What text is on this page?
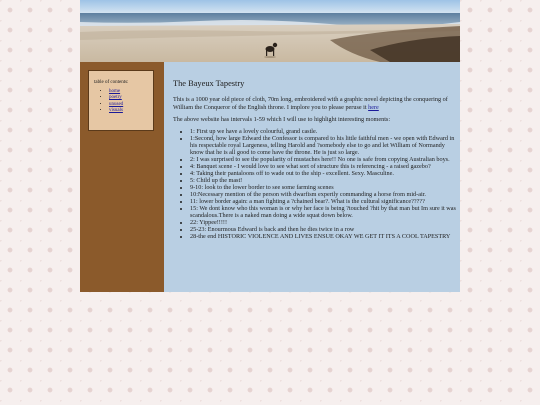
table of contents:
• home
• poetry
• unused
• visuals
The Bayeux Tapestry

This is a 1000 year old piece of cloth, 70m long, embroidered with a graphic novel depicting the conquering of William the Conqueror of the English throne. I implore you to please peruse it here

The above website has intervals 1-59 which I will use to highlight interesting moments:

• 1: First up we have a lovely colourful, grand castle.
• 1:Second, how large Edward the Confessor is compared to his little faithful men - we open with Edward in his respectable royal Largeness, telling Harold and ?somebody else to go and let William of Normandy know that he is all good to come have the throne. He is just so large.
• 2: I was surprised to see the popularity of mustaches here!! No one is safe from copying Australian boys.
• 4: Banquet scene - I would love to see what sort of structure this is referencing - a raised gazebo?
• 4: Taking their pantaloons off to wade out to the ship - excellent. Sexy. Masculine.
• 5: Child up the mast!
• 9-10: look to the lower border to see some farming scenes
• 10:Necessary mention of the person with dwarfism expertly commanding a horse from mid-air.
• 11: lower border again: a man fighting a ?chained bear?. What is the cultural significance?????
• 15: We dont know who this woman is or why her face is being ?touched ?hit by that man but Im sure it was scandalous.There is a naked man doing a wide squat down below.
• 22: Yippee!!!!!
• 25-23: Enourmous Edward is back and then he dies twice in a row
• 28-the end HISTORIC VIOLENCE AND LIVES ENSUE OKAY WE GET IT ITS A COOL TAPESTRY
